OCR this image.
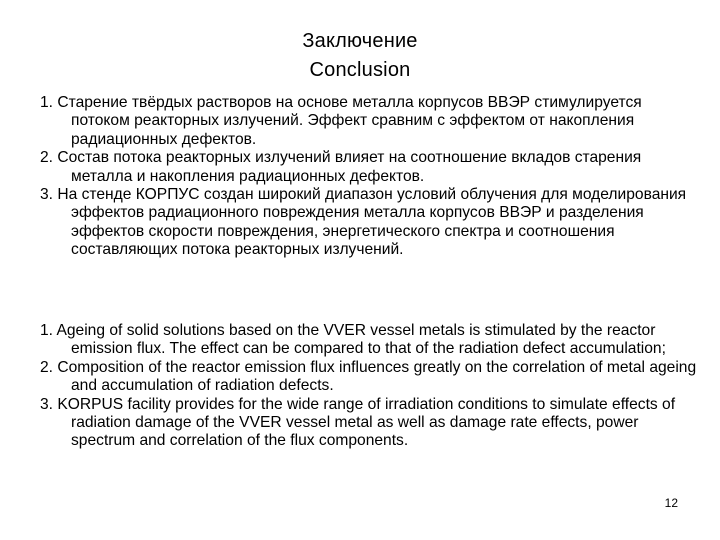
Заключение
Conclusion
1. Старение твёрдых растворов на основе металла корпусов ВВЭР стимулируется потоком реакторных излучений. Эффект сравним с эффектом от накопления радиационных дефектов.
2. Состав потока реакторных излучений влияет на соотношение вкладов старения металла и накопления радиационных дефектов.
3. На стенде КОРПУС создан широкий диапазон условий облучения для моделирования эффектов радиационного повреждения металла корпусов ВВЭР и разделения эффектов скорости повреждения, энергетического спектра и соотношения составляющих потока реакторных излучений.
1. Ageing of solid solutions based on the VVER vessel metals is stimulated by the reactor emission flux. The effect can be compared to that of the radiation defect accumulation;
2. Composition of the reactor emission flux influences greatly on the correlation of metal ageing and accumulation of radiation defects.
3. KORPUS facility provides for the wide range of irradiation conditions to simulate effects of radiation damage of the VVER vessel metal as well as damage rate effects, power spectrum and correlation of the flux components.
12
